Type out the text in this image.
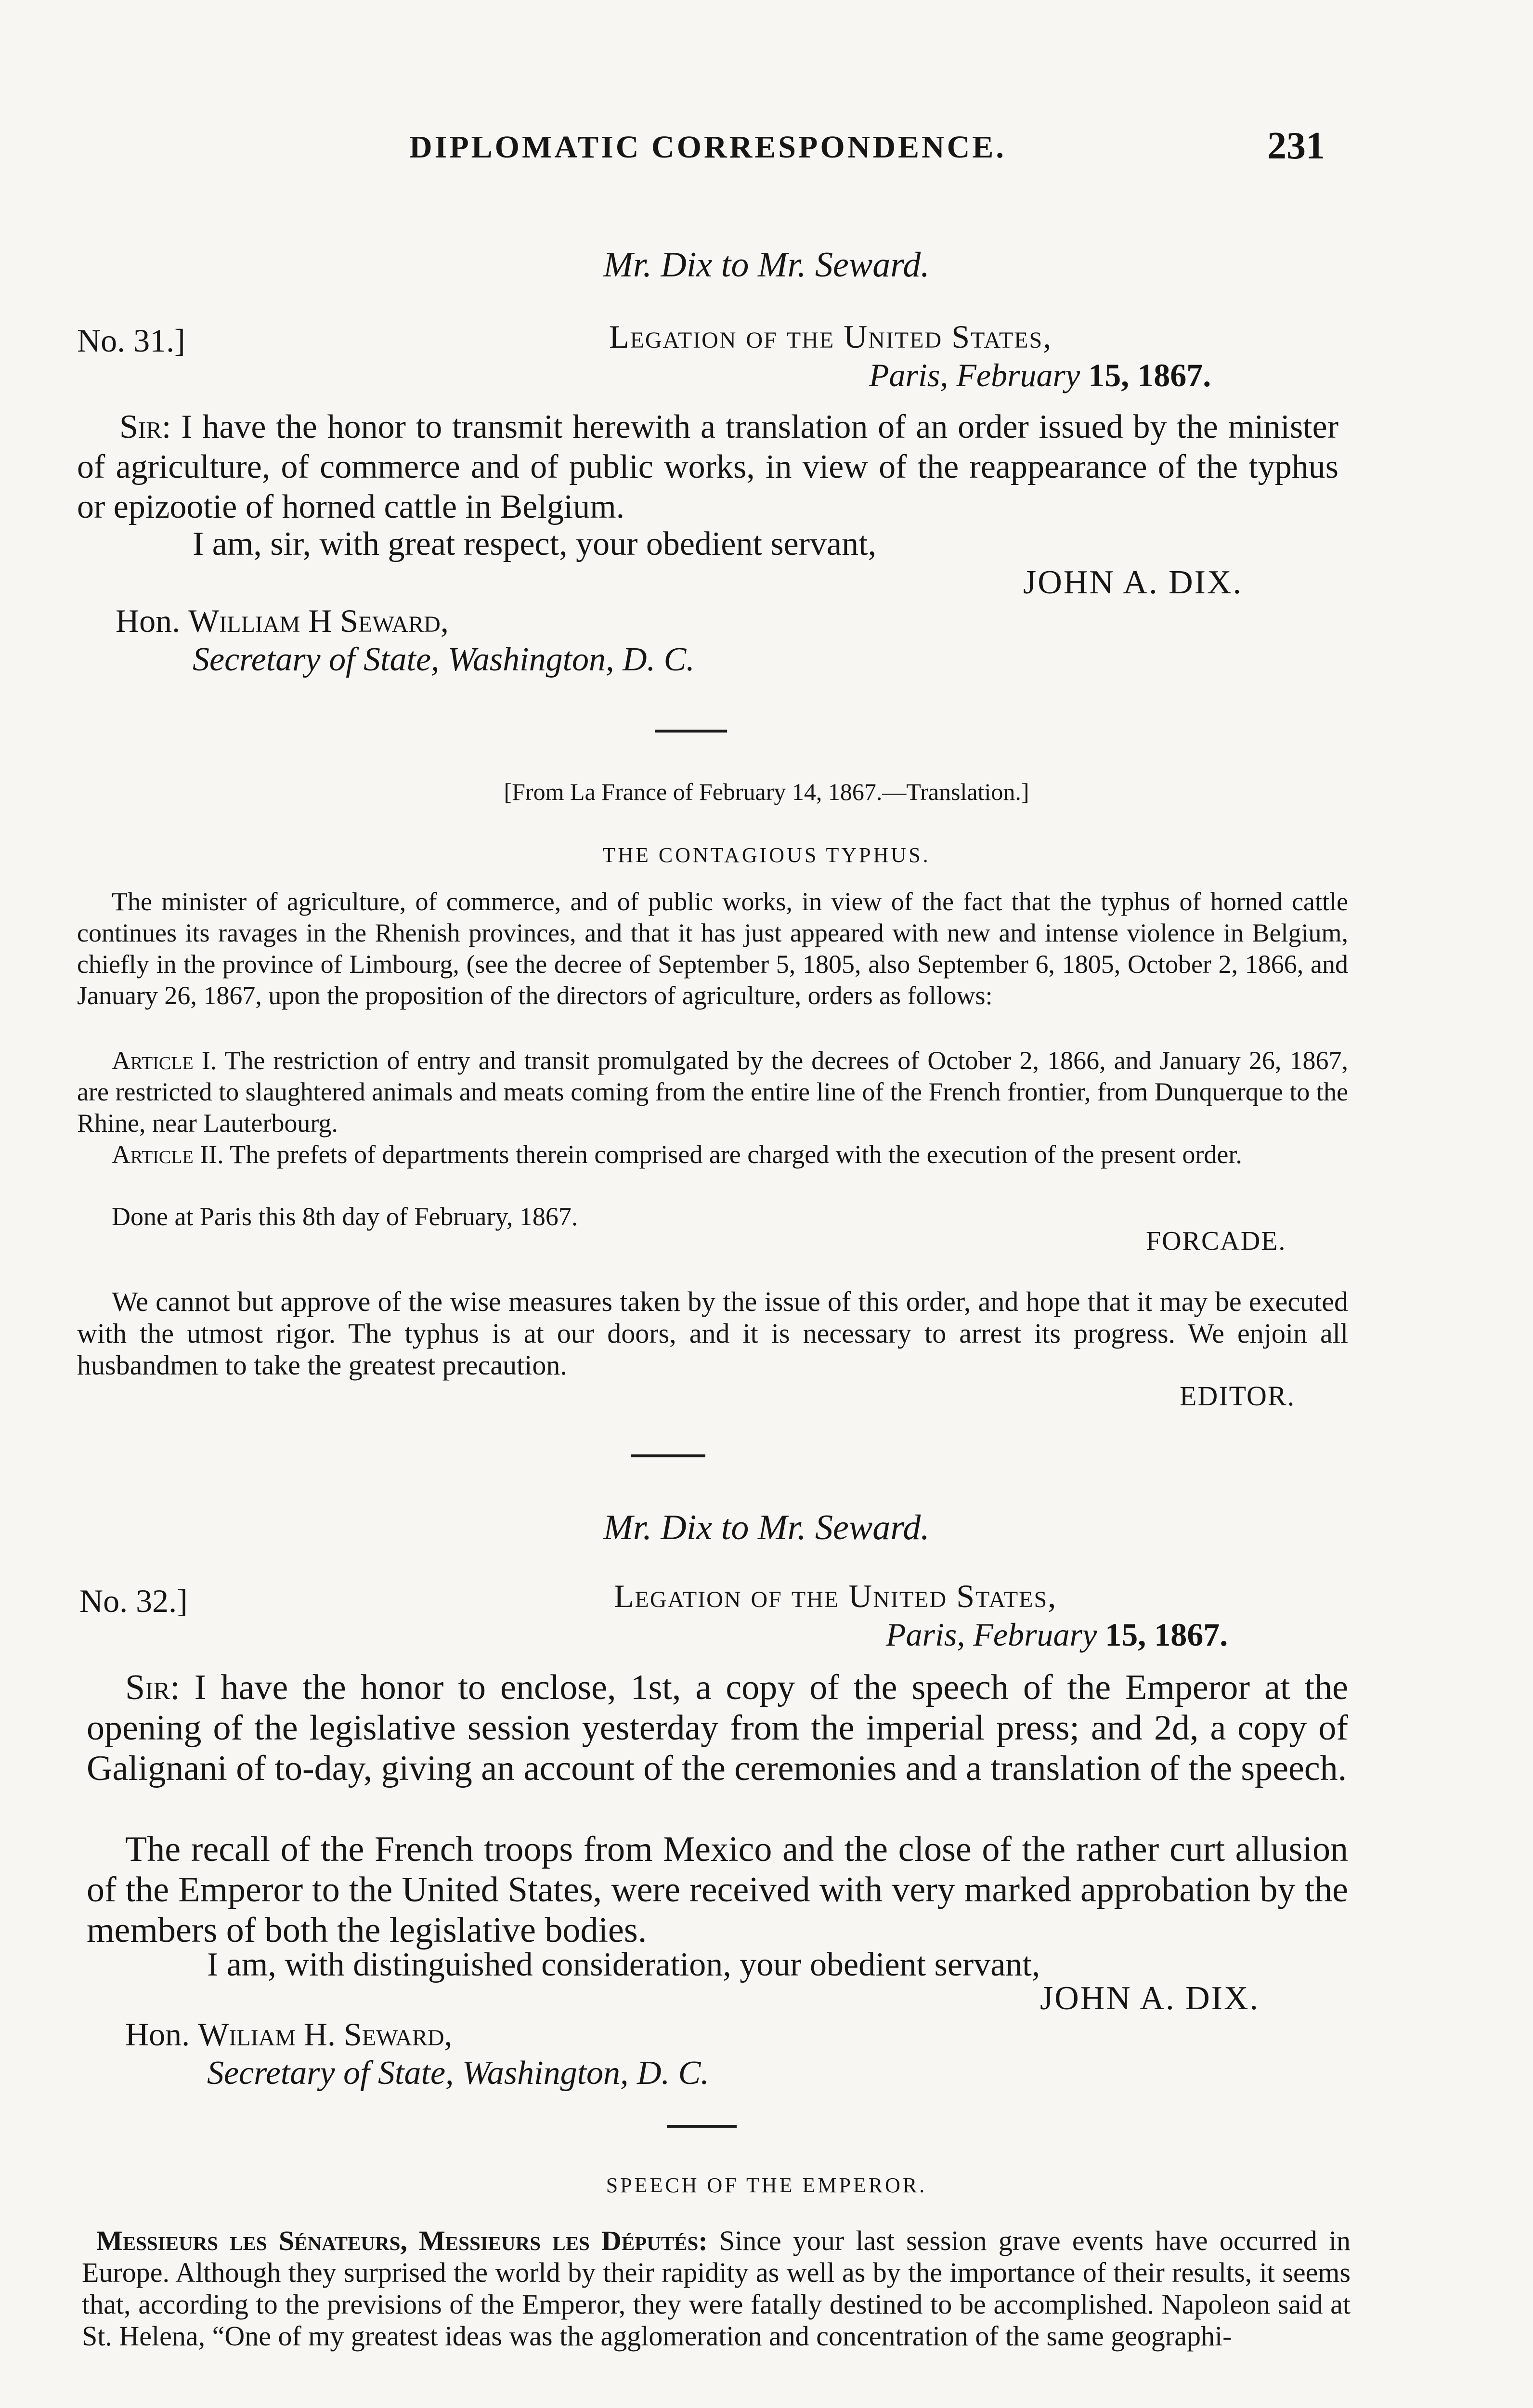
DIPLOMATIC CORRESPONDENCE.	231
Mr. Dix to Mr. Seward.
No. 31.]	Legation of the United States,
Paris, February 15, 1867.
Sir: I have the honor to transmit herewith a translation of an order issued by the minister of agriculture, of commerce and of public works, in view of the reappearance of the typhus or epizootie of horned cattle in Belgium.
I am, sir, with great respect, your obedient servant,
JOHN A. DIX.
Hon. William H Seward,
Secretary of State, Washington, D. C.
[From La France of February 14, 1867.—Translation.]
THE CONTAGIOUS TYPHUS.
The minister of agriculture, of commerce, and of public works, in view of the fact that the typhus of horned cattle continues its ravages in the Rhenish provinces, and that it has just appeared with new and intense violence in Belgium, chiefly in the province of Limbourg, (see the decree of September 5, 1805, also September 6, 1805, October 2, 1866, and January 26, 1867, upon the proposition of the directors of agriculture, orders as follows:
Article I. The restriction of entry and transit promulgated by the decrees of October 2, 1866, and January 26, 1867, are restricted to slaughtered animals and meats coming from the entire line of the French frontier, from Dunquerque to the Rhine, near Lauterbourg.
Article II. The prefets of departments therein comprised are charged with the execution of the present order.
Done at Paris this 8th day of February, 1867.
FORCADE.
We cannot but approve of the wise measures taken by the issue of this order, and hope that it may be executed with the utmost rigor. The typhus is at our doors, and it is necessary to arrest its progress. We enjoin all husbandmen to take the greatest precaution.
EDITOR.
Mr. Dix to Mr. Seward.
No. 32.]	Legation of the United States,
Paris, February 15, 1867.
Sir: I have the honor to enclose, 1st, a copy of the speech of the Emperor at the opening of the legislative session yesterday from the imperial press; and 2d, a copy of Galignani of to-day, giving an account of the ceremonies and a translation of the speech.
The recall of the French troops from Mexico and the close of the rather curt allusion of the Emperor to the United States, were received with very marked approbation by the members of both the legislative bodies.
I am, with distinguished consideration, your obedient servant,
JOHN A. DIX.
Hon. Wiliam H. Seward,
Secretary of State, Washington, D. C.
SPEECH OF THE EMPEROR.
Messieurs les Sénateurs, Messieurs les Députés: Since your last session grave events have occurred in Europe. Although they surprised the world by their rapidity as well as by the importance of their results, it seems that, according to the previsions of the Emperor, they were fatally destined to be accomplished. Napoleon said at St. Helena, “One of my greatest ideas was the agglomeration and concentration of the same geographi-
